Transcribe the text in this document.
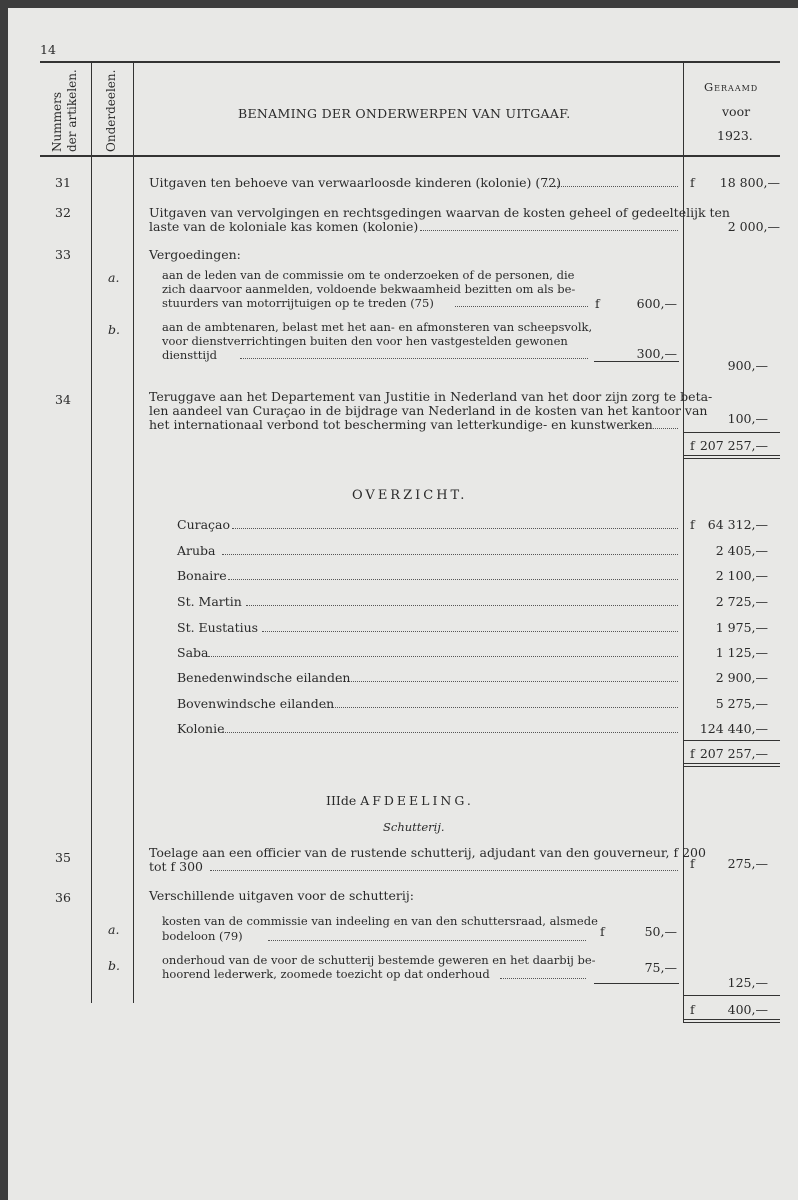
14
Nummers der artikelen. Onderdeelen.	BENAMING DER ONDERWERPEN VAN UITGAAF.
Geraamd
voor
1923.
31	Uitgaven ten behoeve van verwaarloosde kinderen (kolonie) (72)	f	18 800,—
32	Uitgaven van vervolgingen en rechtsgedingen waarvan de kosten geheel of gedeeltelijk ten
laste van de koloniale kas komen (kolonie)	2 000,—
33	Vergoedingen:
a.	aan de leden van de commissie om te onderzoeken of de personen, die
zich daarvoor aanmelden, voldoende bekwaamheid bezitten om als be-
stuurders van motorrijtuigen op te treden (75)	f	600,—
b.	aan de ambtenaren, belast met het aan- en afmonsteren van scheepsvolk,
voor dienstverrichtingen buiten den voor hen vastgestelden gewonen
diensttijd	300,—
900,—
34	Teruggave aan het Departement van Justitie in Nederland van het door zijn zorg te beta-
len aandeel van Curaçao in de bijdrage van Nederland in de kosten van het kantoor van
het internationaal verbond tot bescherming van letterkundige- en kunstwerken	100,—
f 207 257,—
OVERZICHT.
Curaçao	f	64 312,—
Aruba	2 405,—
Bonaire	2 100,—
St. Martin	2 725,—
St. Eustatius	1 975,—
Saba	1 125,—
Benedenwindsche eilanden	2 900,—
Bovenwindsche eilanden	5 275,—
Kolonie	124 440,—
f 207 257,—
IIIde AFDEELING.
Schutterij.
35	Toelage aan een officier van de rustende schutterij, adjudant van den gouverneur, f 200
tot f 300	f	275,—
36	Verschillende uitgaven voor de schutterij:
a.
kosten van de commissie van indeeling en van den schuttersraad, alsmede
bodeloon (79)	f	50,—
b.	onderhoud van de voor de schutterij bestemde geweren en het daarbij be-
hoorend lederwerk, zoomede toezicht op dat onderhoud	75,—
125,—
f	400,—
